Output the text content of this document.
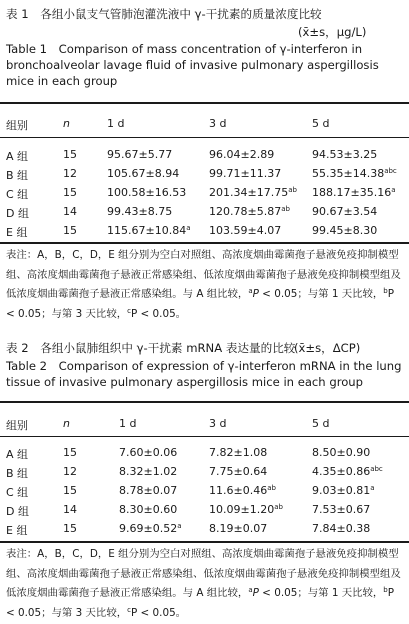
表 1　各组小鼠支气管肺泡灌洗液中 γ-干扰素的质量浓度比较
(x̄±s，μg/L)
Table 1　Comparison of mass concentration of γ-interferon in bronchoalveolar lavage fluid of invasive pulmonary aspergillosis mice in each group
组别	n	1 d	3 d	5 d
A 组	15	95.67±5.77	96.04±2.89	94.53±3.25
B 组	12	105.67±8.94	99.71±11.37	55.35±14.38$^{abc}$
C 组	15	100.58±16.53 201.34±17.75$^{ab}$ 188.17±35.16$^a$
D 组	14	99.43±8.75	120.78±5.87$^{ab}$ 90.67±3.54
E 组	15	115.67±10.84$^a$ 103.59±4.07	99.45±8.30
表注：A，B，C，D，E 组分别为空白对照组、高浓度烟曲霉菌孢子悬液免疫抑制模型组、高浓度烟曲霉菌孢子悬液正常感染组、低浓度烟曲霉菌孢子悬液免疫抑制模型组及低浓度烟曲霉菌孢子悬液正常感染组。与 A 组比较，$^a$P < 0.05；与第 1 天比较，$^b$P < 0.05；与第 3 天比较，$^c$P < 0.05。
表 2　各组小鼠肺组织中 γ-干扰素 mRNA 表达量的比较
(x̄±s，ΔCP)
Table 2　Comparison of expression of γ-interferon mRNA in the lung tissue of invasive pulmonary aspergillosis mice in each group
组别	n	1 d	3 d	5 d
A 组	15	7.60±0.06	7.82±1.08	8.50±0.90
B 组	12	8.32±1.02	7.75±0.64	4.35±0.86$^{abc}$
C 组	15	8.78±0.07	11.6±0.46$^{ab}$	9.03±0.81$^a$
D 组	14	8.30±0.60	10.09±1.20$^{ab}$	7.53±0.67
E 组	15	9.69±0.52$^a$	8.19±0.07	7.84±0.38
表注：A，B，C，D，E 组分别为空白对照组、高浓度烟曲霉菌孢子悬液免疫抑制模型组、高浓度烟曲霉菌孢子悬液正常感染组、低浓度烟曲霉菌孢子悬液免疫抑制模型组及低浓度烟曲霉菌孢子悬液正常感染组。与 A 组比较，$^a$P < 0.05；与第 1 天比较，$^b$P < 0.05；与第 3 天比较，$^c$P < 0.05。
